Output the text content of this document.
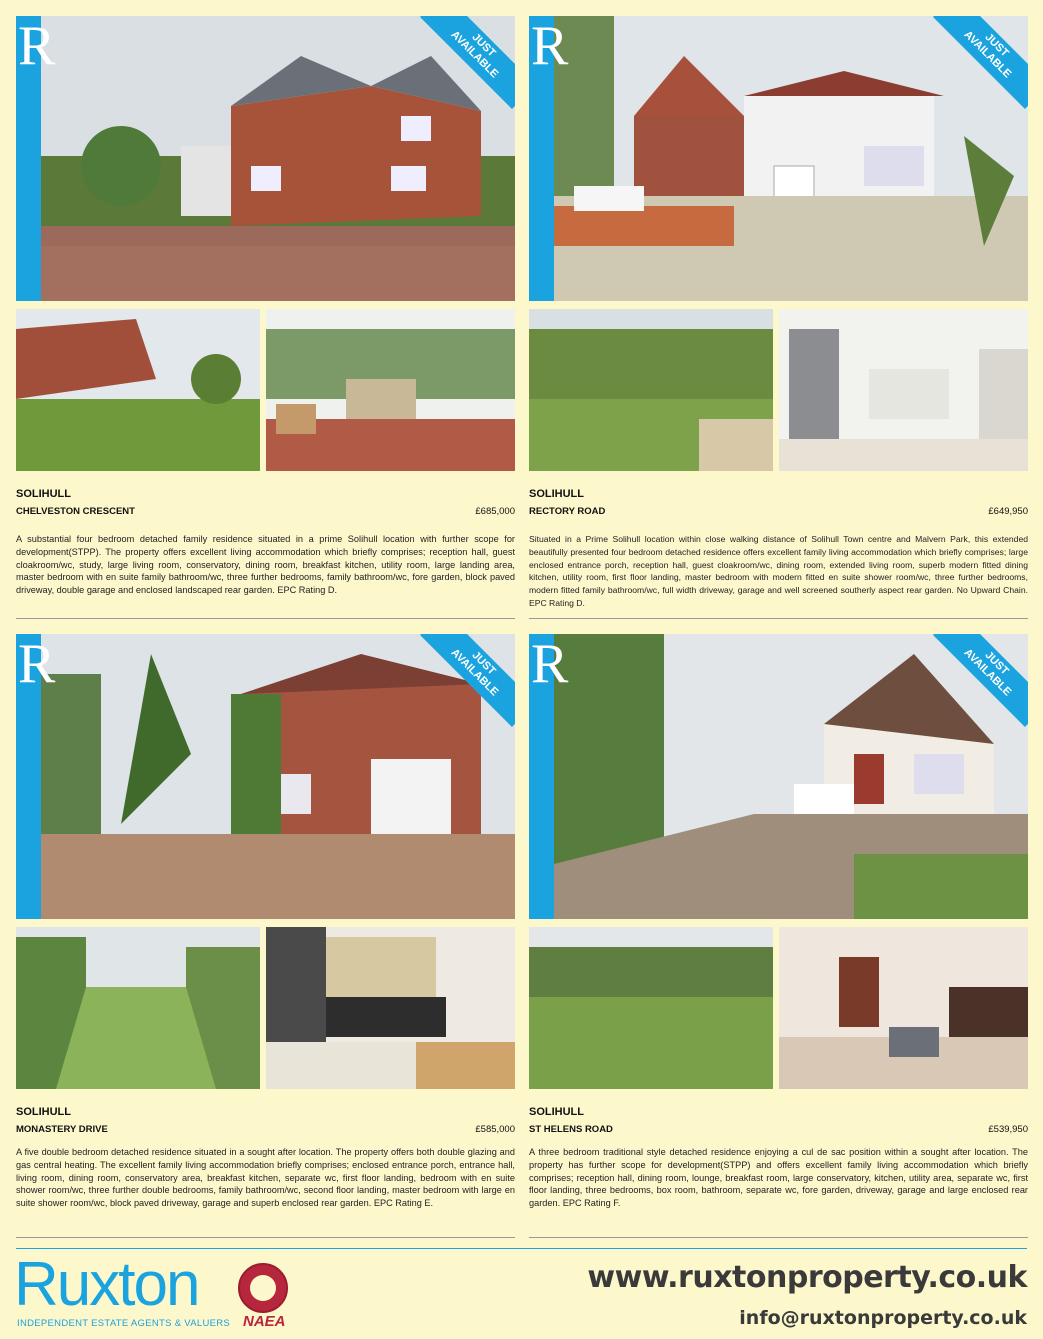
R	JUST
AVAILABLE
SOLIHULL
CHELVESTON CRESCENT	£685,000
A substantial four bedroom detached family residence situated in a prime Solihull location with further scope for development(STPP). The property offers excellent living accommodation which briefly comprises; reception hall, guest cloakroom/wc, study, large living room, conservatory, dining room, breakfast kitchen, utility room, large landing area, master bedroom with en suite family bathroom/wc, three further bedrooms, family bathroom/wc, fore garden, block paved driveway, double garage and enclosed landscaped rear garden. EPC Rating D.
R	JUST
AVAILABLE
SOLIHULL
RECTORY ROAD	£649,950
Situated in a Prime Solihull location within close walking distance of Solihull Town centre and Malvern Park, this extended beautifully presented four bedroom detached residence offers excellent family living accommodation which briefly comprises; large enclosed entrance porch, reception hall, guest cloakroom/wc, dining room, extended living room, superb modern fitted dining kitchen, utility room, first floor landing, master bedroom with modern fitted en suite shower room/wc, three further bedrooms, modern fitted family bathroom/wc, full width driveway, garage and well screened southerly aspect rear garden. No Upward Chain. EPC Rating D.
R	JUST
AVAILABLE
SOLIHULL
MONASTERY DRIVE	£585,000
A five double bedroom detached residence situated in a sought after location. The property offers both double glazing and gas central heating. The excellent family living accommodation briefly comprises; enclosed entrance porch, entrance hall, living room, dining room, conservatory area, breakfast kitchen, separate wc, first floor landing, bedroom with en suite shower room/wc, three further double bedrooms, family bathroom/wc, second floor landing, master bedroom with large en suite shower room/wc, block paved driveway, garage and superb enclosed rear garden. EPC Rating E.
R	JUST
AVAILABLE
SOLIHULL
ST HELENS ROAD	£539,950
A three bedroom traditional style detached residence enjoying a cul de sac position within a sought after location. The property has further scope for development(STPP) and offers excellent family living accommodation which briefly comprises; reception hall, dining room, lounge, breakfast room, large conservatory, kitchen, utility area, separate wc, first floor landing, three bedrooms, box room, bathroom, separate wc, fore garden, driveway, garage and large enclosed rear garden. EPC Rating F.
Ruxton
INDEPENDENT ESTATE AGENTS & VALUERS NAEA
www.ruxtonproperty.co.uk
info@ruxtonproperty.co.uk
